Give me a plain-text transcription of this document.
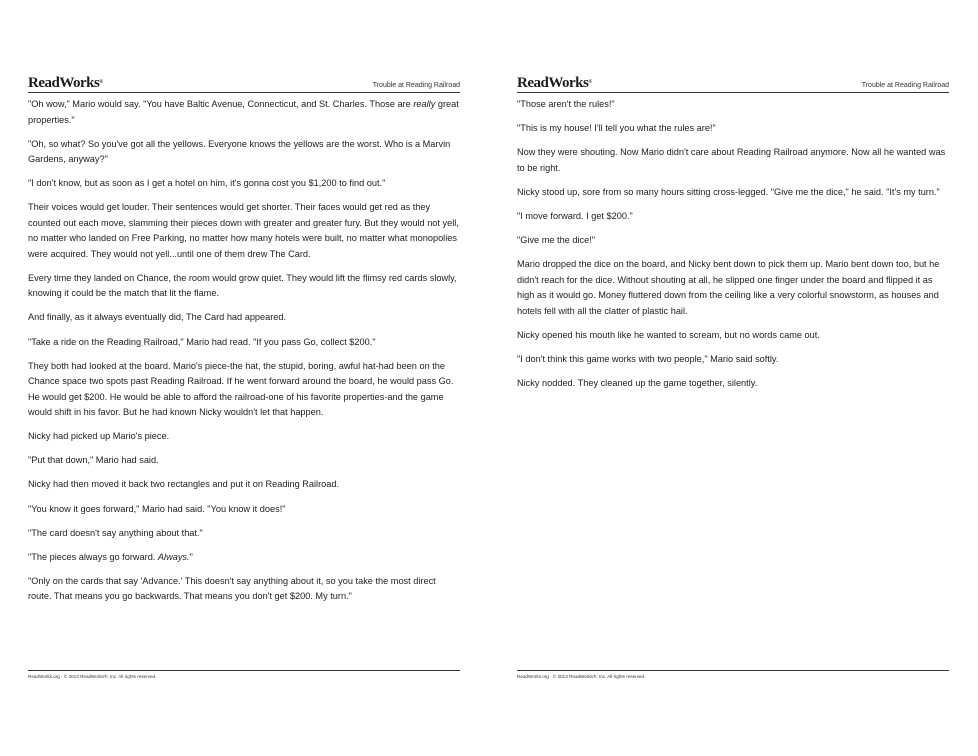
ReadWorks®	Trouble at Reading Railroad

"Oh wow," Mario would say. "You have Baltic Avenue, Connecticut, and St. Charles. Those are really great properties."

"Oh, so what? So you've got all the yellows. Everyone knows the yellows are the worst. Who is a Marvin Gardens, anyway?"

"I don't know, but as soon as I get a hotel on him, it's gonna cost you $1,200 to find out."

Their voices would get louder. Their sentences would get shorter. Their faces would get red as they counted out each move, slamming their pieces down with greater and greater fury. But they would not yell, no matter who landed on Free Parking, no matter how many hotels were built, no matter what monopolies were acquired. They would not yell...until one of them drew The Card.

Every time they landed on Chance, the room would grow quiet. They would lift the flimsy red cards slowly, knowing it could be the match that lit the flame.

And finally, as it always eventually did, The Card had appeared.

"Take a ride on the Reading Railroad," Mario had read. "If you pass Go, collect $200."

They both had looked at the board. Mario's piece-the hat, the stupid, boring, awful hat-had been on the Chance space two spots past Reading Railroad. If he went forward around the board, he would pass Go. He would get $200. He would be able to afford the railroad-one of his favorite properties-and the game would shift in his favor. But he had known Nicky wouldn't let that happen.

Nicky had picked up Mario's piece.

"Put that down," Mario had said.

Nicky had then moved it back two rectangles and put it on Reading Railroad.

"You know it goes forward," Mario had said. "You know it does!"

"The card doesn't say anything about that."

"The pieces always go forward. Always."

"Only on the cards that say 'Advance.' This doesn't say anything about it, so you take the most direct route. That means you go backwards. That means you don't get $200. My turn."

ReadWorks.org · © 2013 ReadWorks®, Inc. All rights reserved.
ReadWorks®	Trouble at Reading Railroad

"Those aren't the rules!"

"This is my house! I'll tell you what the rules are!"

Now they were shouting. Now Mario didn't care about Reading Railroad anymore. Now all he wanted was to be right.

Nicky stood up, sore from so many hours sitting cross-legged. "Give me the dice," he said. "It's my turn."

"I move forward. I get $200."

"Give me the dice!"

Mario dropped the dice on the board, and Nicky bent down to pick them up. Mario bent down too, but he didn't reach for the dice. Without shouting at all, he slipped one finger under the board and flipped it as high as it would go. Money fluttered down from the ceiling like a very colorful snowstorm, as houses and hotels fell with all the clatter of plastic hail.

Nicky opened his mouth like he wanted to scream, but no words came out.

"I don't think this game works with two people," Mario said softly.

Nicky nodded. They cleaned up the game together, silently.

ReadWorks.org · © 2013 ReadWorks®, Inc. All rights reserved.
